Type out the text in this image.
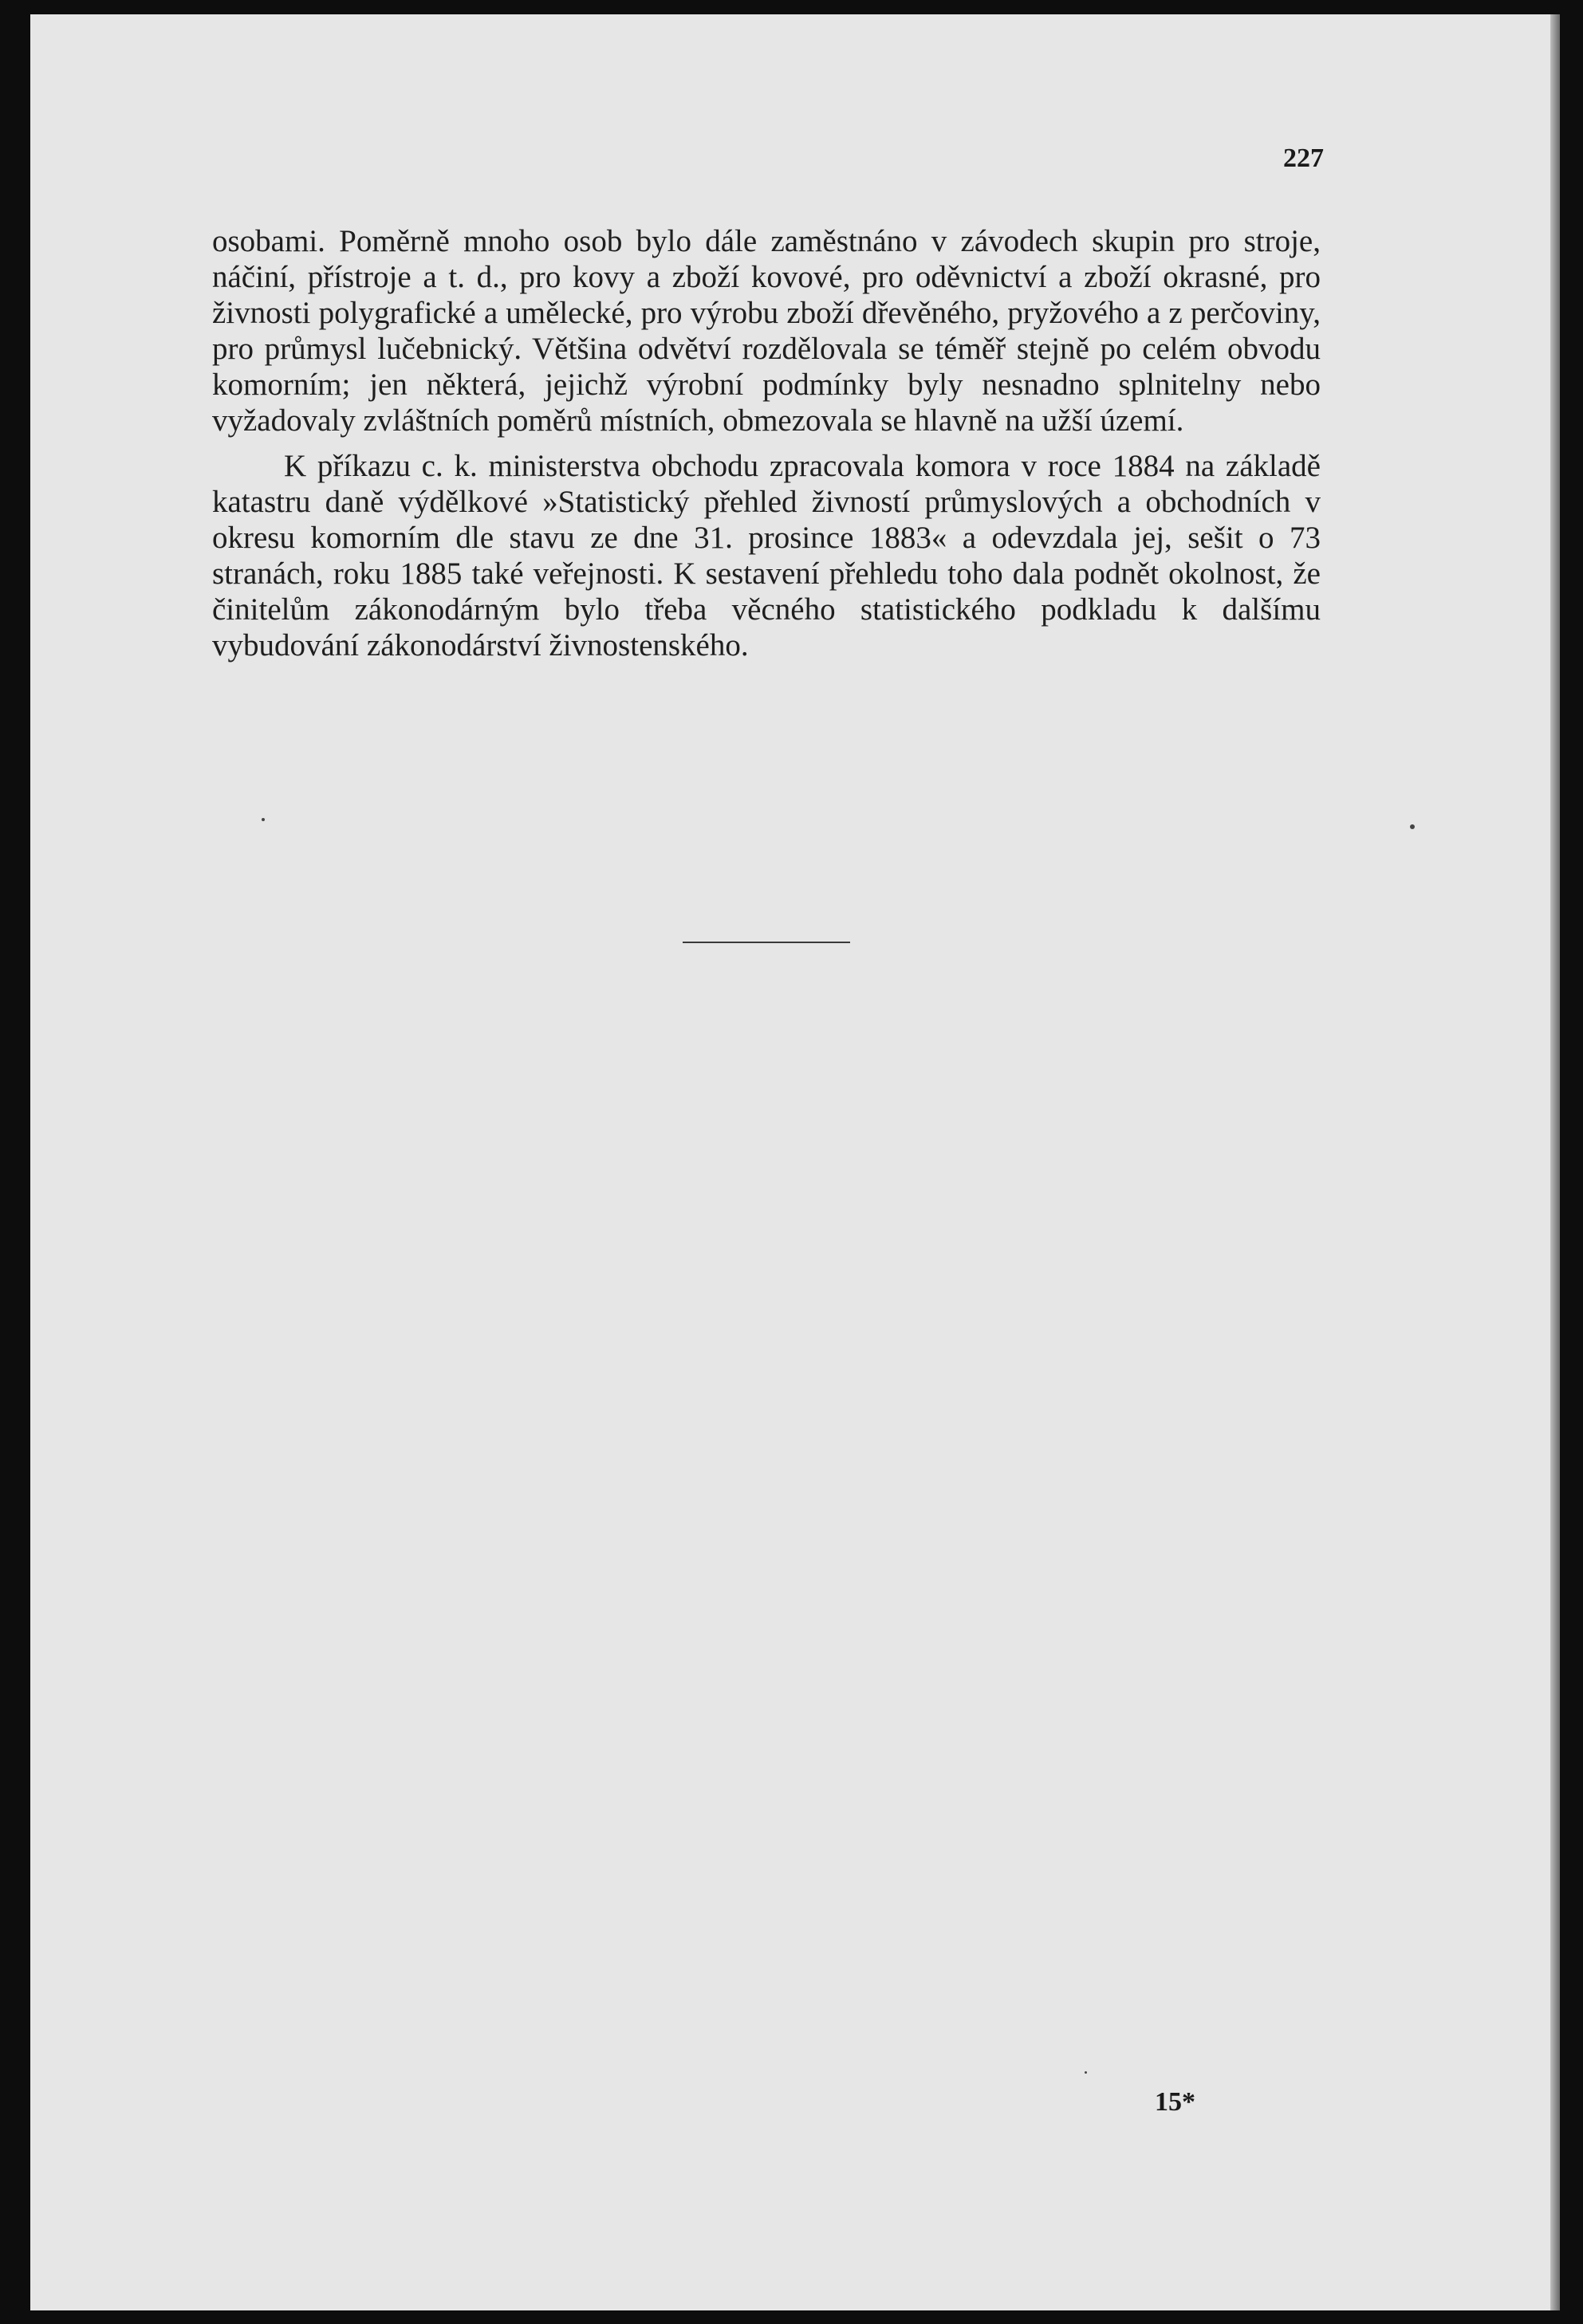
227

osobami. Poměrně mnoho osob bylo dále zaměstnáno v závodech skupin pro stroje, náčiní, přístroje a t. d., pro kovy a zboží kovové, pro oděvnictví a zboží okrasné, pro živnosti polygrafické a umělecké, pro výrobu zboží dřevěného, pryžového a z perčoviny, pro průmysl lučebnický. Většina odvětví rozdělovala se téměř stejně po celém obvodu komorním; jen některá, jejichž výrobní podmínky byly nesnadno splnitelny nebo vyžadovaly zvláštních poměrů místních, obmezovala se hlavně na užší území.

K příkazu c. k. ministerstva obchodu zpracovala komora v roce 1884 na základě katastru daně výdělkové »Statistický přehled živností průmyslových a obchodních v okresu komorním dle stavu ze dne 31. prosince 1883« a odevzdala jej, sešit o 73 stranách, roku 1885 také veřejnosti. K sestavení přehledu toho dala podnět okolnost, že činitelům zákonodárným bylo třeba věcného statistického podkladu k dalšímu vybudování zákonodárství živnostenského.

15*
